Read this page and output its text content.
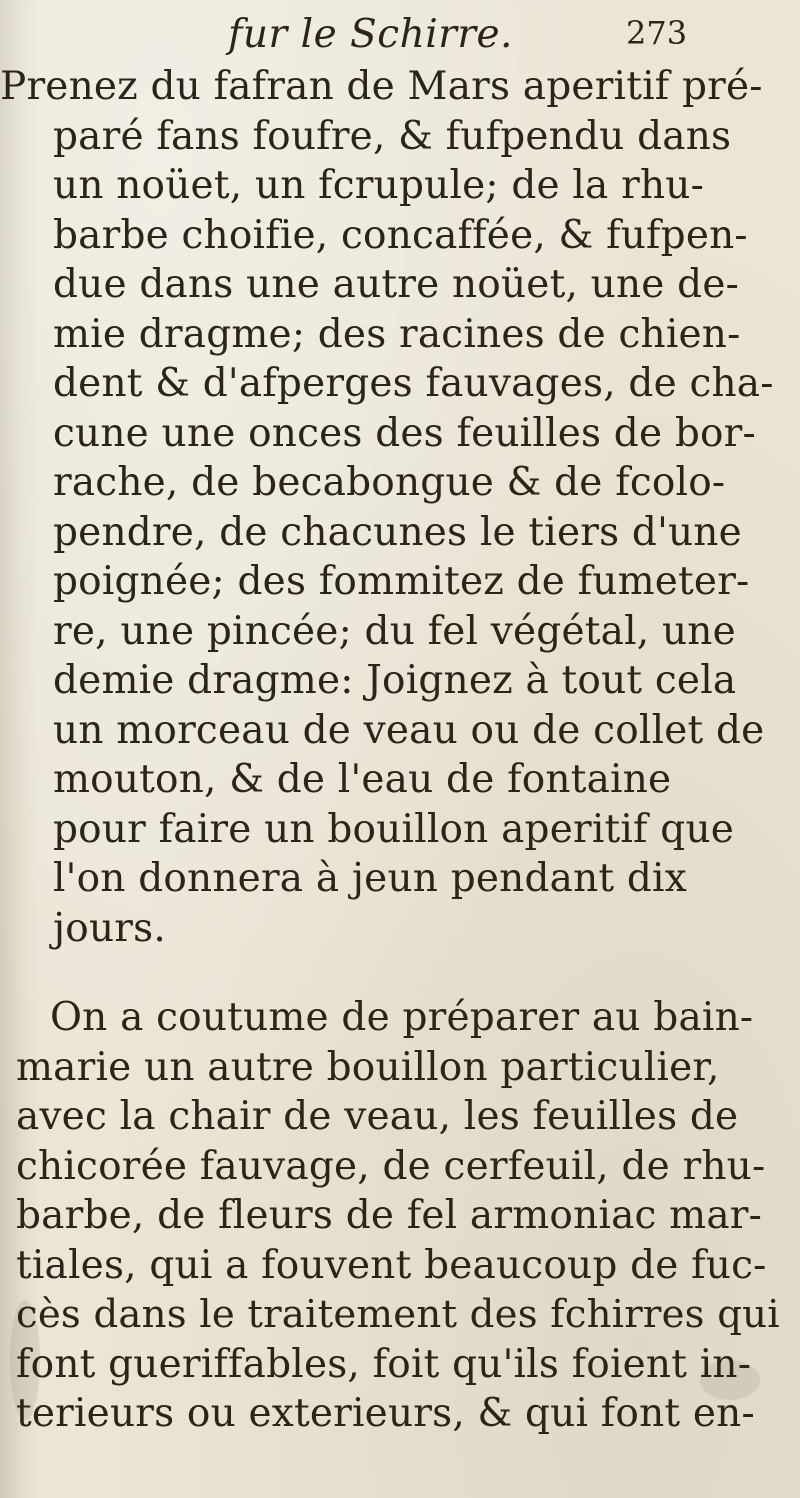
fur le Schirre.	273
Prenez du fafran de Mars aperitif pré-
paré fans foufre, & fufpendu dans
un noüet, un fcrupule; de la rhu-
barbe choifie, concaffée, & fufpen-
due dans une autre noüet, une de-
mie dragme; des racines de chien-
dent & d'afperges fauvages, de cha-
cune une onces des feuilles de bor-
rache, de becabongue & de fcolo-
pendre, de chacunes le tiers d'une
poignée; des fommitez de fumeter-
re, une pincée; du fel végétal, une
demie dragme: Joignez à tout cela
un morceau de veau ou de collet de
mouton, & de l'eau de fontaine
pour faire un bouillon aperitif que
l'on donnera à jeun pendant dix
jours.
On a coutume de préparer au bain-
marie un autre bouillon particulier,
avec la chair de veau, les feuilles de
chicorée fauvage, de cerfeuil, de rhu-
barbe, de fleurs de fel armoniac mar-
tiales, qui a fouvent beaucoup de fuc-
cès dans le traitement des fchirres qui
font gueriffables, foit qu'ils foient in-
terieurs ou exterieurs, & qui font en-
